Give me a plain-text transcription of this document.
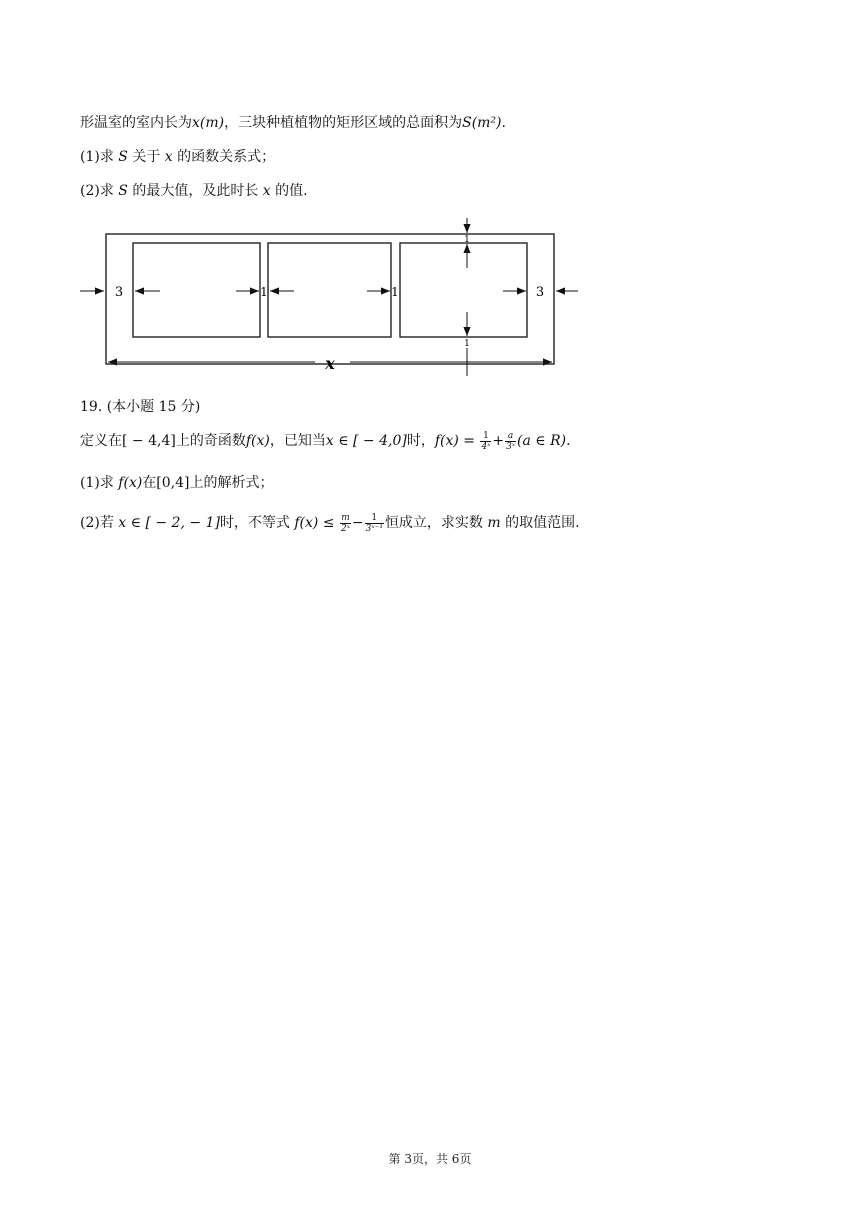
形温室的室内长为x(m)，三块种植植物的矩形区域的总面积为S(m²).
(1)求 S 关于 x 的函数关系式；
(2)求 S 的最大值，及此时长 x 的值.
3	1	1	3
1
1
x
19. (本小题 15 分)
定义在[ − 4,4]上的奇函数f(x)，已知当x ∈ [ − 4,0]时，$f(x) = \frac{1}{\text{4ˣ}} + \frac{a}{\text{3ˣ}} (a$ ∈ R).
(1)求 f(x)在[0,4]上的解析式；
(2)若 x ∈ [ − 2, − 1]时，不等式 $f(x) \le \frac{m}{\text{2ˣ}} - \frac{1}{\text{3ˣ⁻¹}}$ 恒成立，求实数 m 的取值范围.
第 3页，共 6页
